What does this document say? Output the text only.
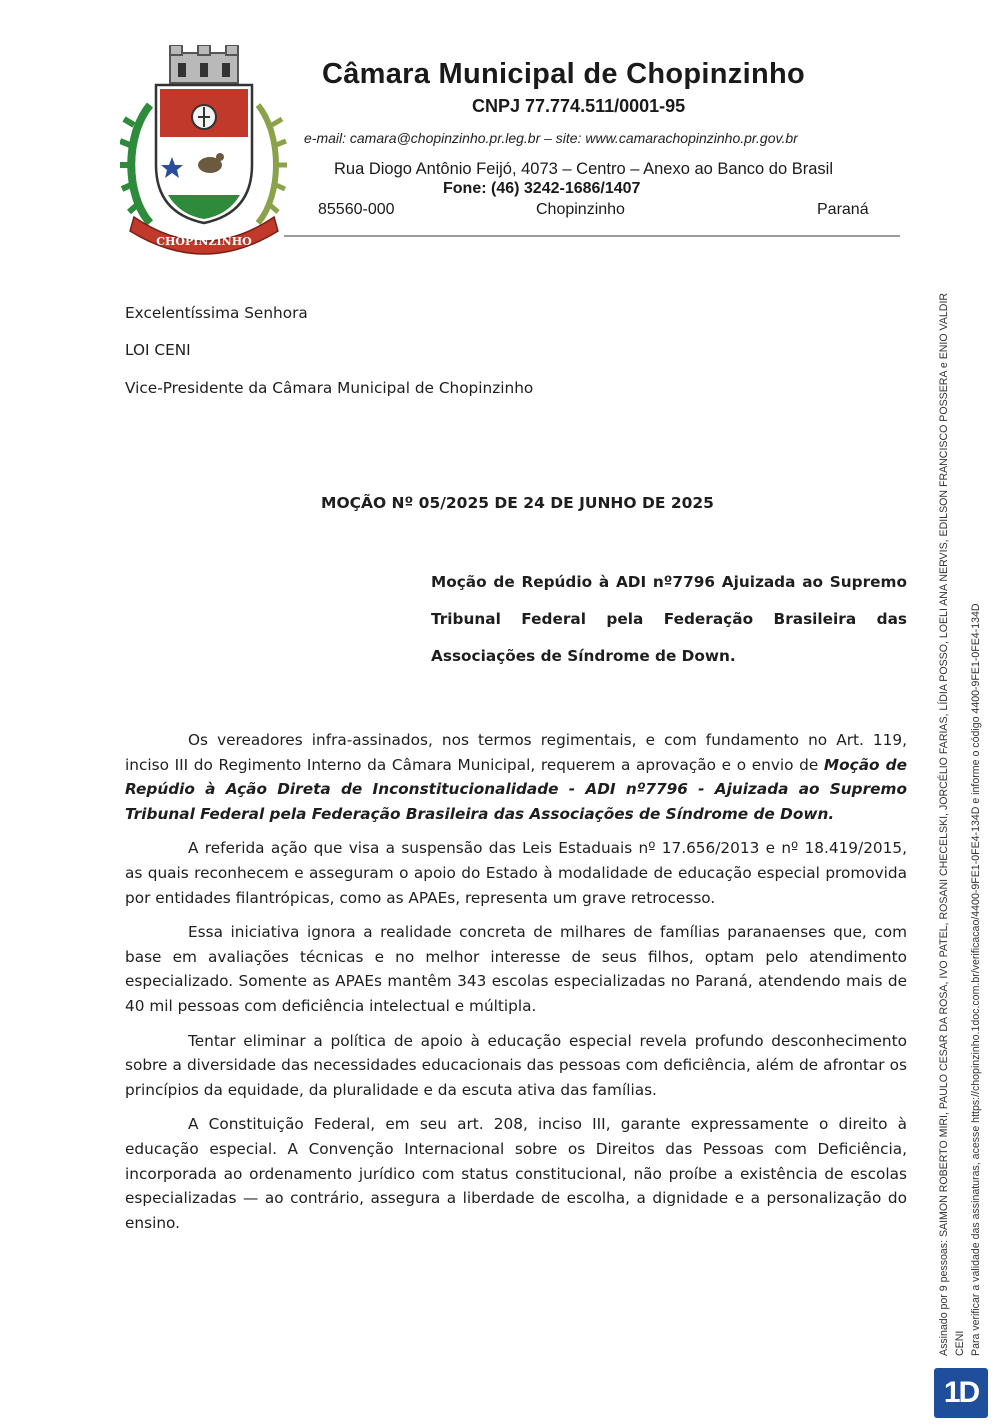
CHOPINZINHO
Câmara Municipal de Chopinzinho
CNPJ 77.774.511/0001-95
e-mail: camara@chopinzinho.pr.leg.br – site: www.camarachopinzinho.pr.gov.br
Rua Diogo Antônio Feijó, 4073 – Centro – Anexo ao Banco do Brasil
Fone: (46) 3242-1686/1407
85560-000	Chopinzinho	Paraná
Excelentíssima Senhora
LOI CENI
Vice-Presidente da Câmara Municipal de Chopinzinho
MOÇÃO Nº 05/2025 DE 24 DE JUNHO DE 2025
Moção de Repúdio à ADI nº7796 Ajuizada ao Supremo Tribunal Federal pela Federação Brasileira das Associações de Síndrome de Down.

Os vereadores infra-assinados, nos termos regimentais, e com fundamento no Art. 119, inciso III do Regimento Interno da Câmara Municipal, requerem a aprovação e o envio de Moção de Repúdio à Ação Direta de Inconstitucionalidade - ADI nº7796 - Ajuizada ao Supremo Tribunal Federal pela Federação Brasileira das Associações de Síndrome de Down.

A referida ação que visa a suspensão das Leis Estaduais nº 17.656/2013 e nº 18.419/2015, as quais reconhecem e asseguram o apoio do Estado à modalidade de educação especial promovida por entidades filantrópicas, como as APAEs, representa um grave retrocesso.

Essa iniciativa ignora a realidade concreta de milhares de famílias paranaenses que, com base em avaliações técnicas e no melhor interesse de seus filhos, optam pelo atendimento especializado. Somente as APAEs mantêm 343 escolas especializadas no Paraná, atendendo mais de 40 mil pessoas com deficiência intelectual e múltipla.

Tentar eliminar a política de apoio à educação especial revela profundo desconhecimento sobre a diversidade das necessidades educacionais das pessoas com deficiência, além de afrontar os princípios da equidade, da pluralidade e da escuta ativa das famílias.

A Constituição Federal, em seu art. 208, inciso III, garante expressamente o direito à educação especial. A Convenção Internacional sobre os Direitos das Pessoas com Deficiência, incorporada ao ordenamento jurídico com status constitucional, não proíbe a existência de escolas especializadas — ao contrário, assegura a liberdade de escolha, a dignidade e a personalização do ensino.	Assinado por 9 pessoas: SAIMON ROBERTO MIRI, PAULO CESAR DA ROSA, IVO PATEL, ROSANI CHECELSKI, JORCÉLIO FARIAS, LÍDIA POSSO, LOELI ANA NERVIS, EDILSON FRANCISCO POSSERA e ENIO VALDIR CENI Para verificar a validade das assinaturas, acesse https://chopinzinho.1doc.com.br/verificacao/4400-9FE1-0FE4-134D e informe o código 4400-9FE1-0FE4-134D
1D
